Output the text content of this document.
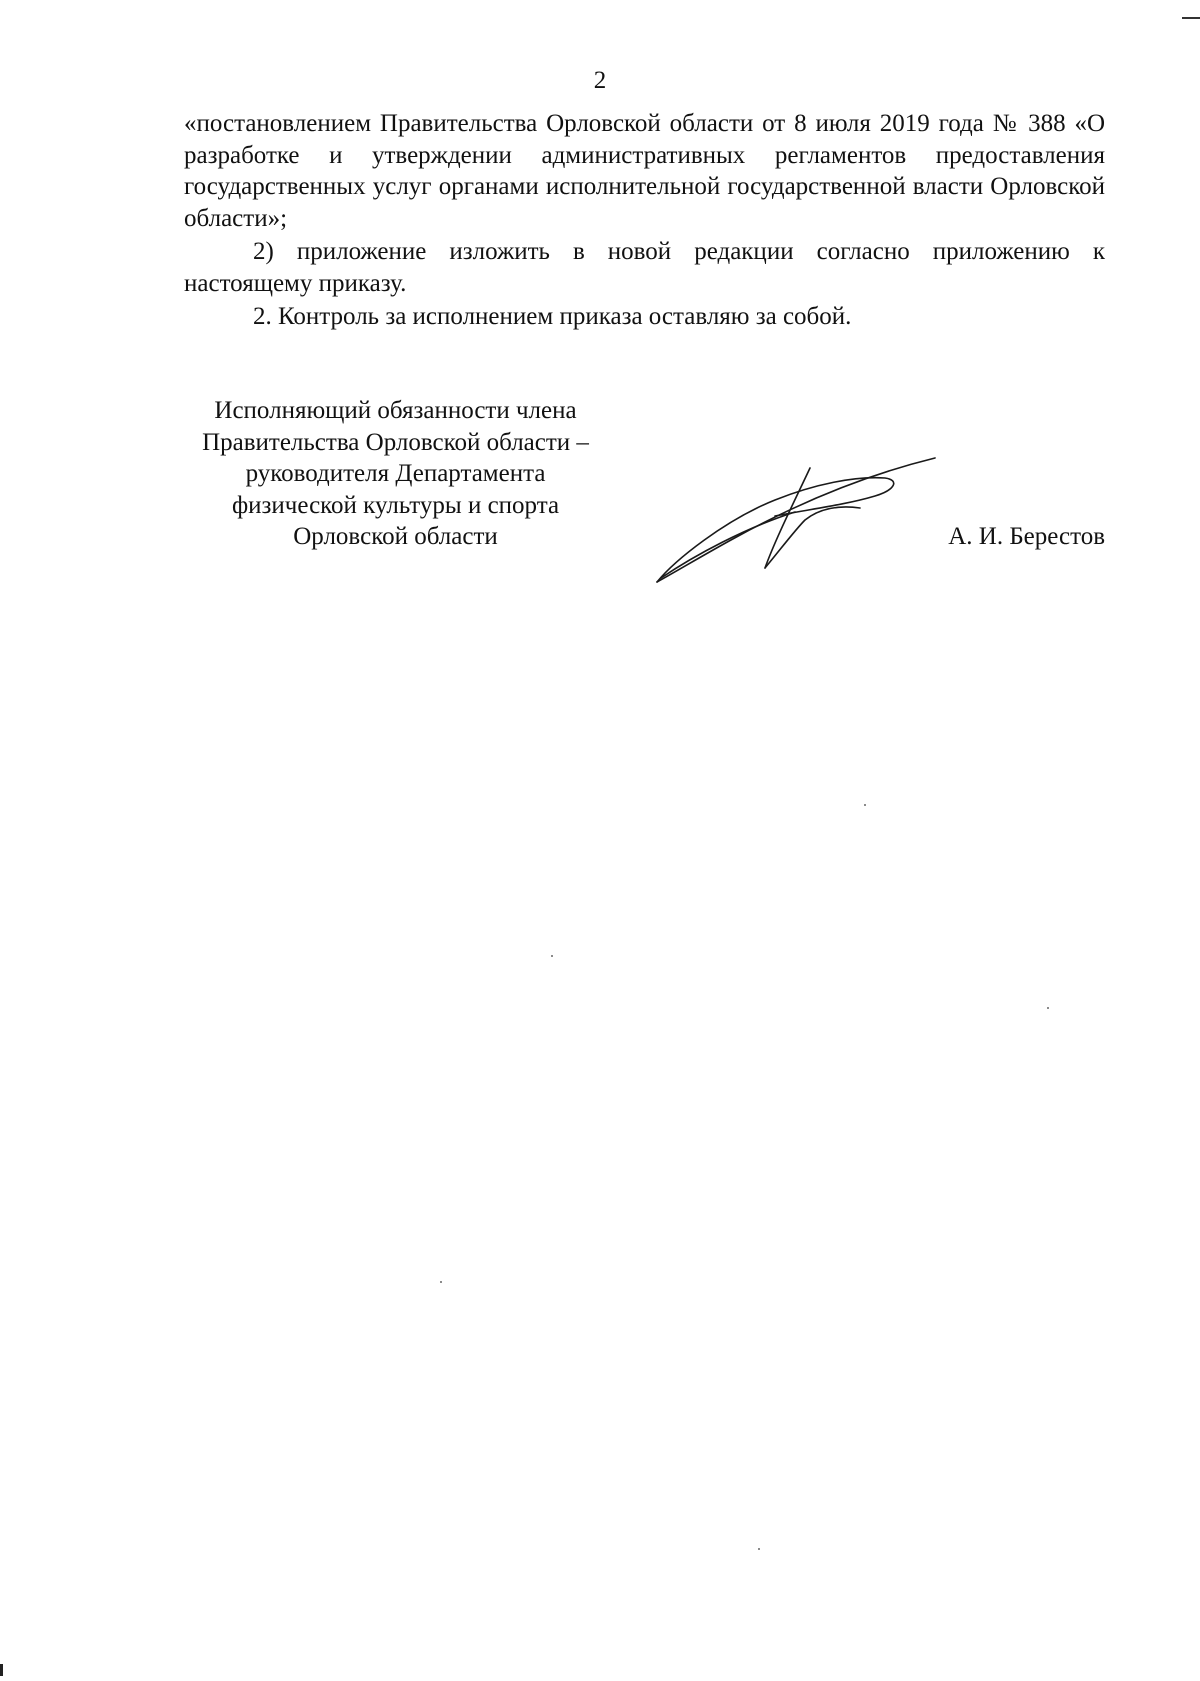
2

«постановлением Правительства Орловской области от 8 июля 2019 года № 388 «О разработке и утверждении административных регламентов предоставления государственных услуг органами исполнительной государственной власти Орловской области»;

2) приложение изложить в новой редакции согласно приложению к настоящему приказу.

2. Контроль за исполнением приказа оставляю за собой.

Исполняющий обязанности члена
Правительства Орловской области –
руководителя Департамента
физической культуры и спорта
Орловской области	А. И. Берестов
